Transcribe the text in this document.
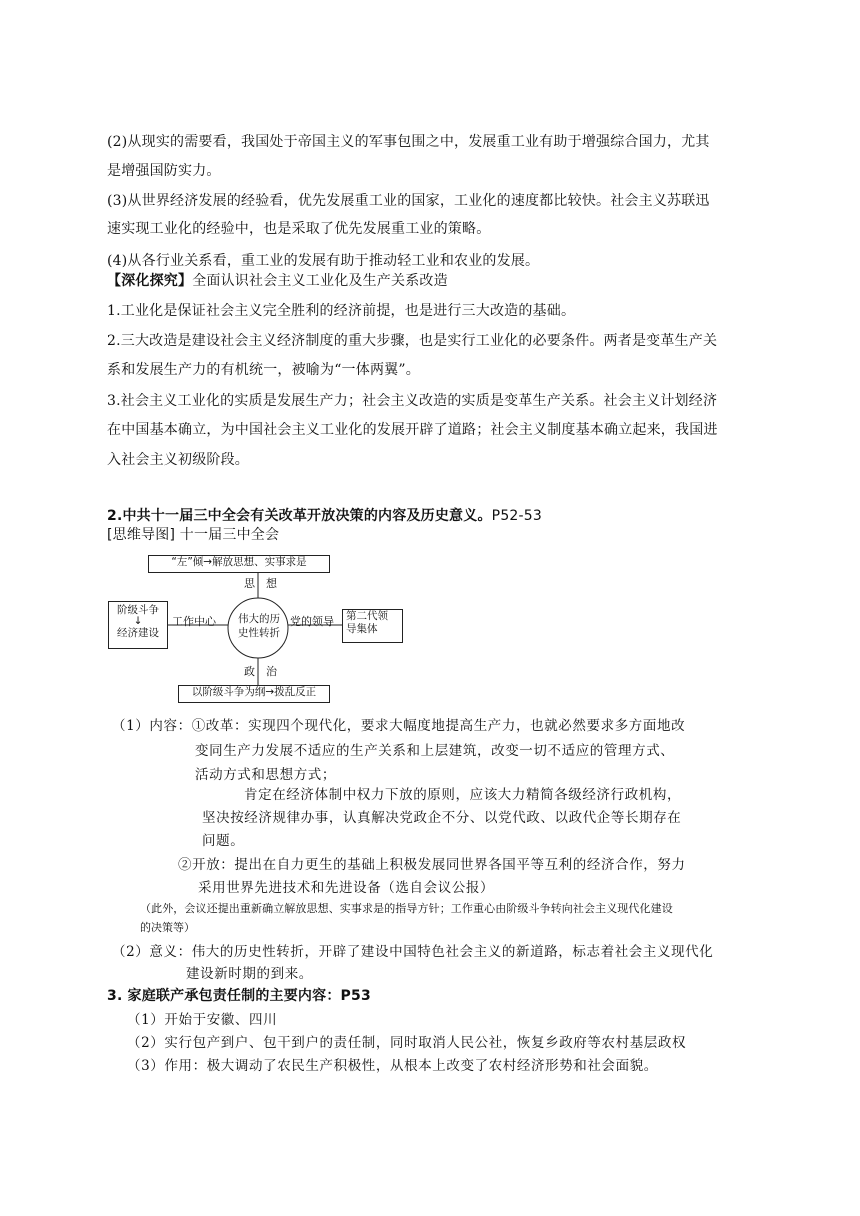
(2)从现实的需要看，我国处于帝国主义的军事包围之中，发展重工业有助于增强综合国力，尤其
是增强国防实力。
(3)从世界经济发展的经验看，优先发展重工业的国家，工业化的速度都比较快。社会主义苏联迅
速实现工业化的经验中，也是采取了优先发展重工业的策略。
(4)从各行业关系看，重工业的发展有助于推动轻工业和农业的发展。
【深化探究】全面认识社会主义工业化及生产关系改造
1.工业化是保证社会主义完全胜利的经济前提，也是进行三大改造的基础。
2.三大改造是建设社会主义经济制度的重大步骤，也是实行工业化的必要条件。两者是变革生产关
系和发展生产力的有机统一，被喻为“一体两翼”。
3.社会主义工业化的实质是发展生产力；社会主义改造的实质是变革生产关系。社会主义计划经济
在中国基本确立，为中国社会主义工业化的发展开辟了道路；社会主义制度基本确立起来，我国进
入社会主义初级阶段。
2.中共十一届三中全会有关改革开放决策的内容及历史意义。P52-53
[思维导图] 十一届三中全会
“左”倾→解放思想、实事求是
思　想
阶级斗争
↓
经济建设
工作中心 伟大的历
史性转折
党的领导 第二代领
导集体
政　治
以阶级斗争为纲→拨乱反正
（1）内容：①改革：实现四个现代化，要求大幅度地提高生产力，也就必然要求多方面地改
变同生产力发展不适应的生产关系和上层建筑，改变一切不适应的管理方式、
活动方式和思想方式；
肯定在经济体制中权力下放的原则，应该大力精简各级经济行政机构，
坚决按经济规律办事，认真解决党政企不分、以党代政、以政代企等长期存在
问题。
②开放：提出在自力更生的基础上积极发展同世界各国平等互利的经济合作，努力
采用世界先进技术和先进设备（选自会议公报）
（此外，会议还提出重新确立解放思想、实事求是的指导方针；工作重心由阶级斗争转向社会主义现代化建设
的决策等）
（2）意义：伟大的历史性转折，开辟了建设中国特色社会主义的新道路，标志着社会主义现代化
建设新时期的到来。
3. 家庭联产承包责任制的主要内容：P53
（1）开始于安徽、四川
（2）实行包产到户、包干到户的责任制，同时取消人民公社，恢复乡政府等农村基层政权
（3）作用：极大调动了农民生产积极性，从根本上改变了农村经济形势和社会面貌。
